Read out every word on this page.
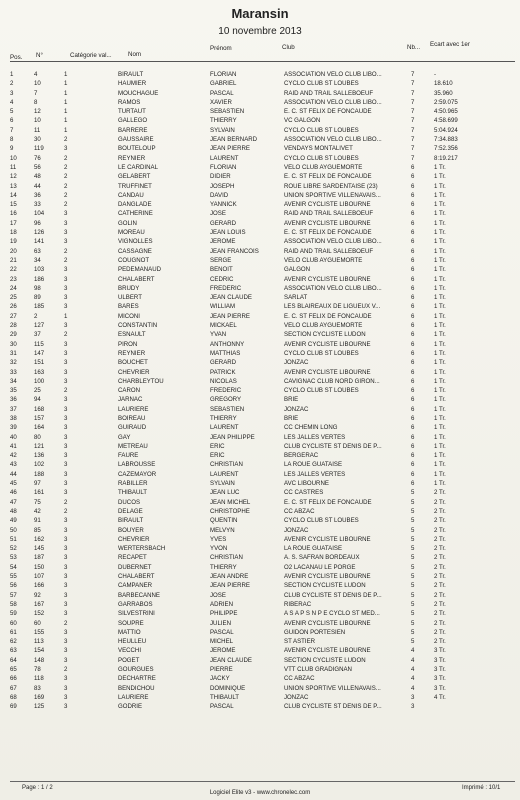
Maransin
10 novembre 2013
Pos. N°	Catégorie val...	Nom
Prénom	Club	Nb... Ecart avec 1er
1	4	1	BIRAULT	FLORIAN	ASSOCIATION VELO CLUB LIBO...	7	-
2	10	1	HAUMIER	GABRIEL	CYCLO CLUB ST LOUBES	7	18.610
3	7	1	MOUCHAGUE	PASCAL	RAID AND TRAIL SALLEBOEUF	7	35.960
4	8	1	RAMOS	XAVIER	ASSOCIATION VELO CLUB LIBO...	7	2:59.075
5	12	1	TURTAUT	SEBASTIEN	E. C. ST FELIX DE FONCAUDE	7	4:50.965
6	10	1	GALLEGO	THIERRY	VC GALGON	7	4:58.699
7	11	1	BARRERE	SYLVAIN	CYCLO CLUB ST LOUBES	7	5:04.924
8	30	2	GAUSSAIRE	JEAN BERNARD	ASSOCIATION VELO CLUB LIBO...	7	7:34.883
9	119	3	BOUTELOUP	JEAN PIERRE	VENDAYS MONTALIVET	7	7:52.356
10	76	2	REYNIER	LAURENT	CYCLO CLUB ST LOUBES	7	8:19.217
11	56	2	LE CARDINAL	FLORIAN	VELO CLUB AYGUEMORTE	6	1 Tr.
12	48	2	GELABERT	DIDIER	E. C. ST FELIX DE FONCAUDE	6	1 Tr.
13	44	2	TRUFFINET	JOSEPH	ROUE LIBRE SARDENTAISE (23)	6	1 Tr.
14	36	2	CANDAU	DAVID	UNION SPORTIVE VILLENAVAIS...	6	1 Tr.
15	33	2	DANGLADE	YANNICK	AVENIR CYCLISTE LIBOURNE	6	1 Tr.
16	104	3	CATHERINE	JOSE	RAID AND TRAIL SALLEBOEUF	6	1 Tr.
17	96	3	GOLIN	GERARD	AVENIR CYCLISTE LIBOURNE	6	1 Tr.
18	126	3	MOREAU	JEAN LOUIS	E. C. ST FELIX DE FONCAUDE	6	1 Tr.
19	141	3	VIGNOLLES	JEROME	ASSOCIATION VELO CLUB LIBO...	6	1 Tr.
20	63	2	CASSAGNE	JEAN FRANCOIS	RAID AND TRAIL SALLEBOEUF	6	1 Tr.
21	34	2	COUGNOT	SERGE	VELO CLUB AYGUEMORTE	6	1 Tr.
22	103	3	PEDEMANAUD	BENOIT	GALGON	6	1 Tr.
23	186	3	CHALABERT	CEDRIC	AVENIR CYCLISTE LIBOURNE	6	1 Tr.
24	98	3	BRUDY	FREDERIC	ASSOCIATION VELO CLUB LIBO...	6	1 Tr.
25	89	3	ULBERT	JEAN CLAUDE	SARLAT	6	1 Tr.
26	185	3	BARES	WILLIAM	LES BLAIREAUX DE LIGUEUX V...	6	1 Tr.
27	2	1	MICONI	JEAN PIERRE	E. C. ST FELIX DE FONCAUDE	6	1 Tr.
28	127	3	CONSTANTIN	MICKAEL	VELO CLUB AYGUEMORTE	6	1 Tr.
29	37	2	ESNAULT	YVAN	SECTION CYCLISTE LUDON	6	1 Tr.
30	115	3	PIRON	ANTHONNY	AVENIR CYCLISTE LIBOURNE	6	1 Tr.
31	147	3	REYNIER	MATTHIAS	CYCLO CLUB ST LOUBES	6	1 Tr.
32	151	3	BOUCHET	GERARD	JONZAC	6	1 Tr.
33	163	3	CHEVRIER	PATRICK	AVENIR CYCLISTE LIBOURNE	6	1 Tr.
34	100	3	CHARBLEYTOU	NICOLAS	CAVIGNAC CLUB NORD GIRON...	6	1 Tr.
35	25	2	CARON	FREDERIC	CYCLO CLUB ST LOUBES	6	1 Tr.
36	94	3	JARNAC	GREGORY	BRIE	6	1 Tr.
37	168	3	LAURIERE	SEBASTIEN	JONZAC	6	1 Tr.
38	157	3	BOIREAU	THIERRY	BRIE	6	1 Tr.
39	164	3	GUIRAUD	LAURENT	CC CHEMIN LONG	6	1 Tr.
40	80	3	GAY	JEAN PHILIPPE	LES JALLES VERTES	6	1 Tr.
41	121	3	METREAU	ERIC	CLUB CYCLISTE ST DENIS DE P...	6	1 Tr.
42	136	3	FAURE	ERIC	BERGERAC	6	1 Tr.
43	102	3	LABROUSSE	CHRISTIAN	LA ROUE GUATAISE	6	1 Tr.
44	188	3	CAZEMAYOR	LAURENT	LES JALLES VERTES	6	1 Tr.
45	97	3	RABILLER	SYLVAIN	AVC LIBOURNE	6	1 Tr.
46	161	3	THIBAULT	JEAN LUC	CC CASTRES	5	2 Tr.
47	75	2	DUCOS	JEAN MICHEL	E. C. ST FELIX DE FONCAUDE	5	2 Tr.
48	42	2	DELAGE	CHRISTOPHE	CC ABZAC	5	2 Tr.
49	91	3	BIRAULT	QUENTIN	CYCLO CLUB ST LOUBES	5	2 Tr.
50	85	3	BOUYER	MELVYN	JONZAC	5	2 Tr.
51	162	3	CHEVRIER	YVES	AVENIR CYCLISTE LIBOURNE	5	2 Tr.
52	145	3	WERTERSBACH	YVON	LA ROUE GUATAISE	5	2 Tr.
53	187	3	RECAPET	CHRISTIAN	A. S. SAFRAN BORDEAUX	5	2 Tr.
54	150	3	DUBERNET	THIERRY	O2 LACANAU LE PORGE	5	2 Tr.
55	107	3	CHALABERT	JEAN ANDRE	AVENIR CYCLISTE LIBOURNE	5	2 Tr.
56	166	3	CAMPANER	JEAN PIERRE	SECTION CYCLISTE LUDON	5	2 Tr.
57	92	3	BARBECANNE	JOSE	CLUB CYCLISTE ST DENIS DE P...	5	2 Tr.
58	167	3	GARRABOS	ADRIEN	RIBERAC	5	2 Tr.
59	152	3	SILVESTRINI	PHILIPPE	A S A P S N P E CYCLO ST MED...	5	2 Tr.
60	60	2	SOUPRE	JULIEN	AVENIR CYCLISTE LIBOURNE	5	2 Tr.
61	155	3	MATTIO	PASCAL	GUIDON PORTESIEN	5	2 Tr.
62	113	3	HEULLEU	MICHEL	ST ASTIER	5	2 Tr.
63	154	3	VECCHI	JEROME	AVENIR CYCLISTE LIBOURNE	4	3 Tr.
64	148	3	POGET	JEAN CLAUDE	SECTION CYCLISTE LUDON	4	3 Tr.
65	78	2	GOURGUES	PIERRE	VTT CLUB GRADIGNAN	4	3 Tr.
66	118	3	DECHARTRE	JACKY	CC ABZAC	4	3 Tr.
67	83	3	BENDICHOU	DOMINIQUE	UNION SPORTIVE VILLENAVAIS...	4	3 Tr.
68	169	3	LAURIERE	THIBAULT	JONZAC	3	4 Tr.
69	125	3	GODRIE	PASCAL	CLUB CYCLISTE ST DENIS DE P...	3
Page : 1 / 2	Imprimé : 10/1
Logiciel Elite v3 - www.chronelec.com
